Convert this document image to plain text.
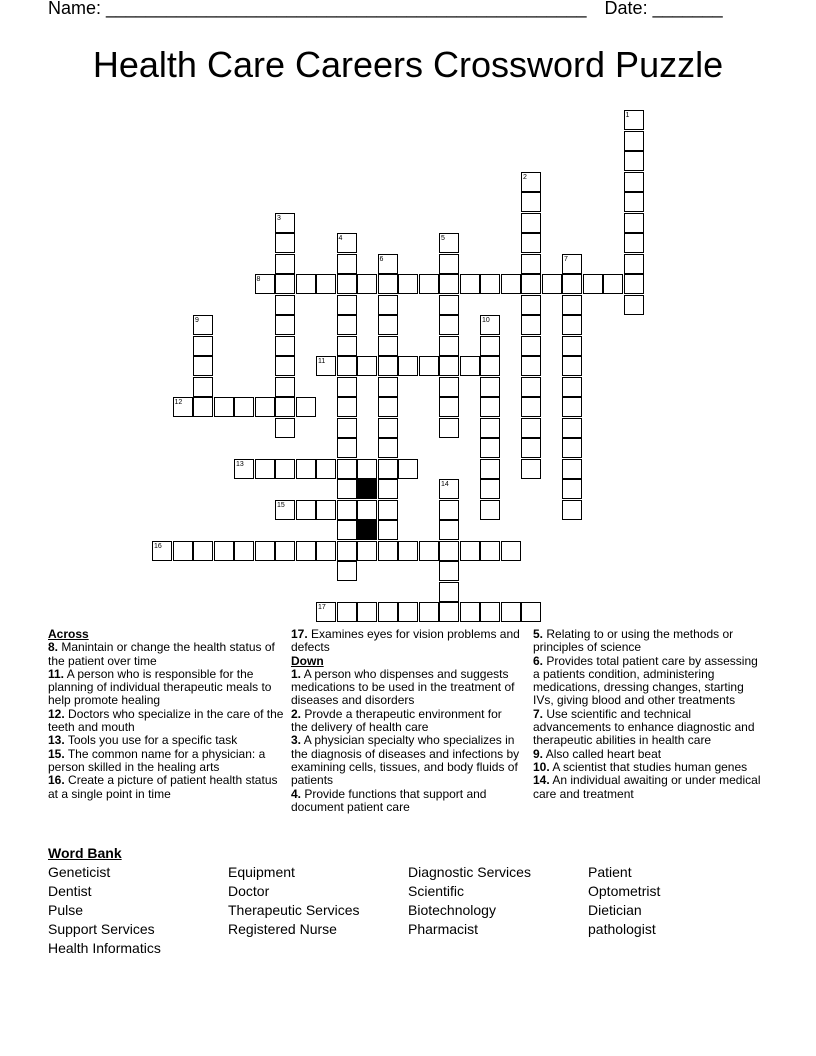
Name: ________________________________________________ Date: _______
Health Care Careers Crossword Puzzle
1
2
3
4	5
6	7
8
9	10
11
12
13
14
15
16
17
Across
8. Manintain or change the health status of the patient over time
11. A person who is responsible for the planning of individual therapeutic meals to help promote healing
12. Doctors who specialize in the care of the teeth and mouth
13. Tools you use for a specific task
15. The common name for a physician: a person skilled in the healing arts
16. Create a picture of patient health status at a single point in time
17. Examines eyes for vision problems and defects
Down
1. A person who dispenses and suggests medications to be used in the treatment of diseases and disorders
2. Provde a therapeutic environment for the delivery of health care
3. A physician specialty who specializes in the diagnosis of diseases and infections by examining cells, tissues, and body fluids of patients
4. Provide functions that support and document patient care
5. Relating to or using the methods or principles of science
6. Provides total patient care by assessing a patients condition, administering medications, dressing changes, starting IVs, giving blood and other treatments
7. Use scientific and technical advancements to enhance diagnostic and therapeutic abilities in health care
9. Also called heart beat
10. A scientist that studies human genes
14. An individual awaiting or under medical care and treatment
Word Bank
Geneticist
Dentist
Pulse
Support Services
Health Informatics
Equipment
Doctor
Therapeutic Services
Registered Nurse
Diagnostic Services
Scientific
Biotechnology
Pharmacist
Patient
Optometrist
Dietician
pathologist
